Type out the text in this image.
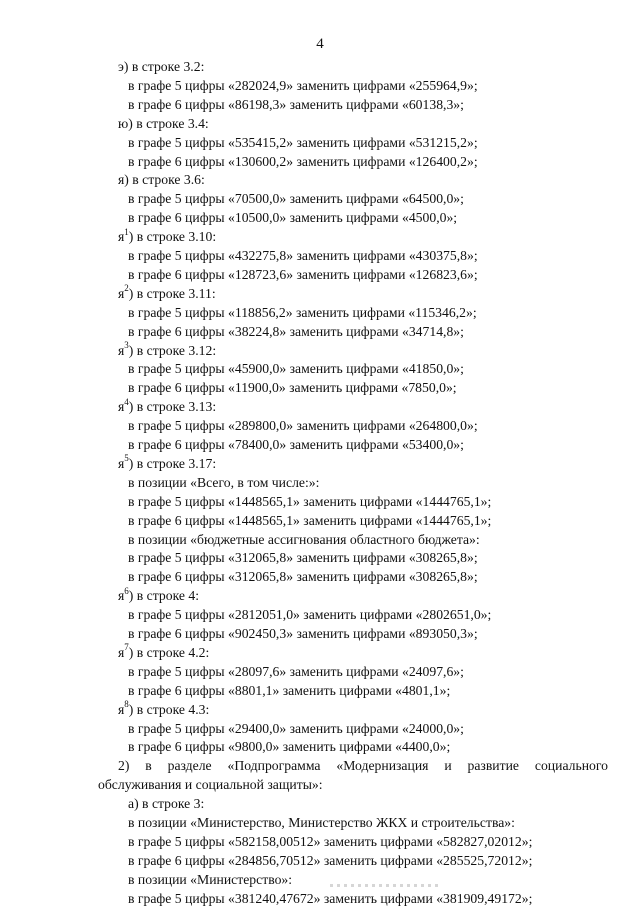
4
э) в строке 3.2:
в графе 5 цифры «282024,9» заменить цифрами «255964,9»;
в графе 6 цифры «86198,3» заменить цифрами «60138,3»;
ю) в строке 3.4:
в графе 5 цифры «535415,2» заменить цифрами «531215,2»;
в графе 6 цифры «130600,2» заменить цифрами «126400,2»;
я) в строке 3.6:
в графе 5 цифры «70500,0» заменить цифрами «64500,0»;
в графе 6 цифры «10500,0» заменить цифрами «4500,0»;
$я^1$) в строке 3.10:
в графе 5 цифры «432275,8» заменить цифрами «430375,8»;
в графе 6 цифры «128723,6» заменить цифрами «126823,6»;
$я^2$) в строке 3.11:
в графе 5 цифры «118856,2» заменить цифрами «115346,2»;
в графе 6 цифры «38224,8» заменить цифрами «34714,8»;
$я^3$) в строке 3.12:
в графе 5 цифры «45900,0» заменить цифрами «41850,0»;
в графе 6 цифры «11900,0» заменить цифрами «7850,0»;
$я^4$) в строке 3.13:
в графе 5 цифры «289800,0» заменить цифрами «264800,0»;
в графе 6 цифры «78400,0» заменить цифрами «53400,0»;
$я^5$) в строке 3.17:
в позиции «Всего, в том числе:»:
в графе 5 цифры «1448565,1» заменить цифрами «1444765,1»;
в графе 6 цифры «1448565,1» заменить цифрами «1444765,1»;
в позиции «бюджетные ассигнования областного бюджета»:
в графе 5 цифры «312065,8» заменить цифрами «308265,8»;
в графе 6 цифры «312065,8» заменить цифрами «308265,8»;
$я^6$) в строке 4:
в графе 5 цифры «2812051,0» заменить цифрами «2802651,0»;
в графе 6 цифры «902450,3» заменить цифрами «893050,3»;
$я^7$) в строке 4.2:
в графе 5 цифры «28097,6» заменить цифрами «24097,6»;
в графе 6 цифры «8801,1» заменить цифрами «4801,1»;
$я^8$) в строке 4.3:
в графе 5 цифры «29400,0» заменить цифрами «24000,0»;
в графе 6 цифры «9800,0» заменить цифрами «4400,0»;
2) в разделе «Подпрограмма «Модернизация и развитие социального
обслуживания и социальной защиты»:
а) в строке 3:
в позиции «Министерство, Министерство ЖКХ и строительства»:
в графе 5 цифры «582158,00512» заменить цифрами «582827,02012»;
в графе 6 цифры «284856,70512» заменить цифрами «285525,72012»;
в позиции «Министерство»:
в графе 5 цифры «381240,47672» заменить цифрами «381909,49172»;
